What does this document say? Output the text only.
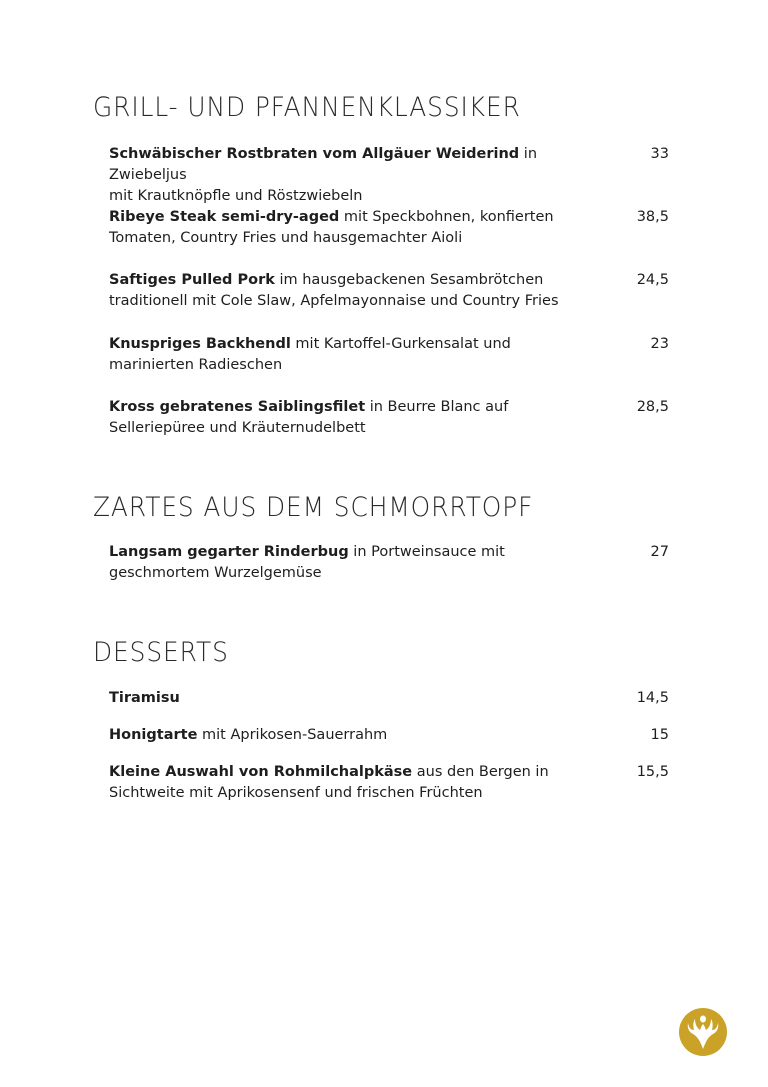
GRILL- UND PFANNENKLASSIKER
Schwäbischer Rostbraten vom Allgäuer Weiderind in
Zwiebeljus
mit Krautknöpfle und Röstzwiebeln
33
Ribeye Steak semi-dry-aged mit Speckbohnen, konfierten
Tomaten, Country Fries und hausgemachter Aioli
38,5
Saftiges Pulled Pork im hausgebackenen Sesambrötchen
traditionell mit Cole Slaw, Apfelmayonnaise und Country Fries
24,5
Knuspriges Backhendl mit Kartoffel-Gurkensalat und
marinierten Radieschen
23
Kross gebratenes Saiblingsfilet in Beurre Blanc auf
Selleriepüree und Kräuternudelbett
28,5
ZARTES AUS DEM SCHMORRTOPF
Langsam gegarter Rinderbug in Portweinsauce mit
geschmortem Wurzelgemüse
27
DESSERTS
Tiramisu	14,5
Honigtarte mit Aprikosen-Sauerrahm	15
Kleine Auswahl von Rohmilchalpkäse aus den Bergen in
Sichtweite mit Aprikosensenf und frischen Früchten
15,5
